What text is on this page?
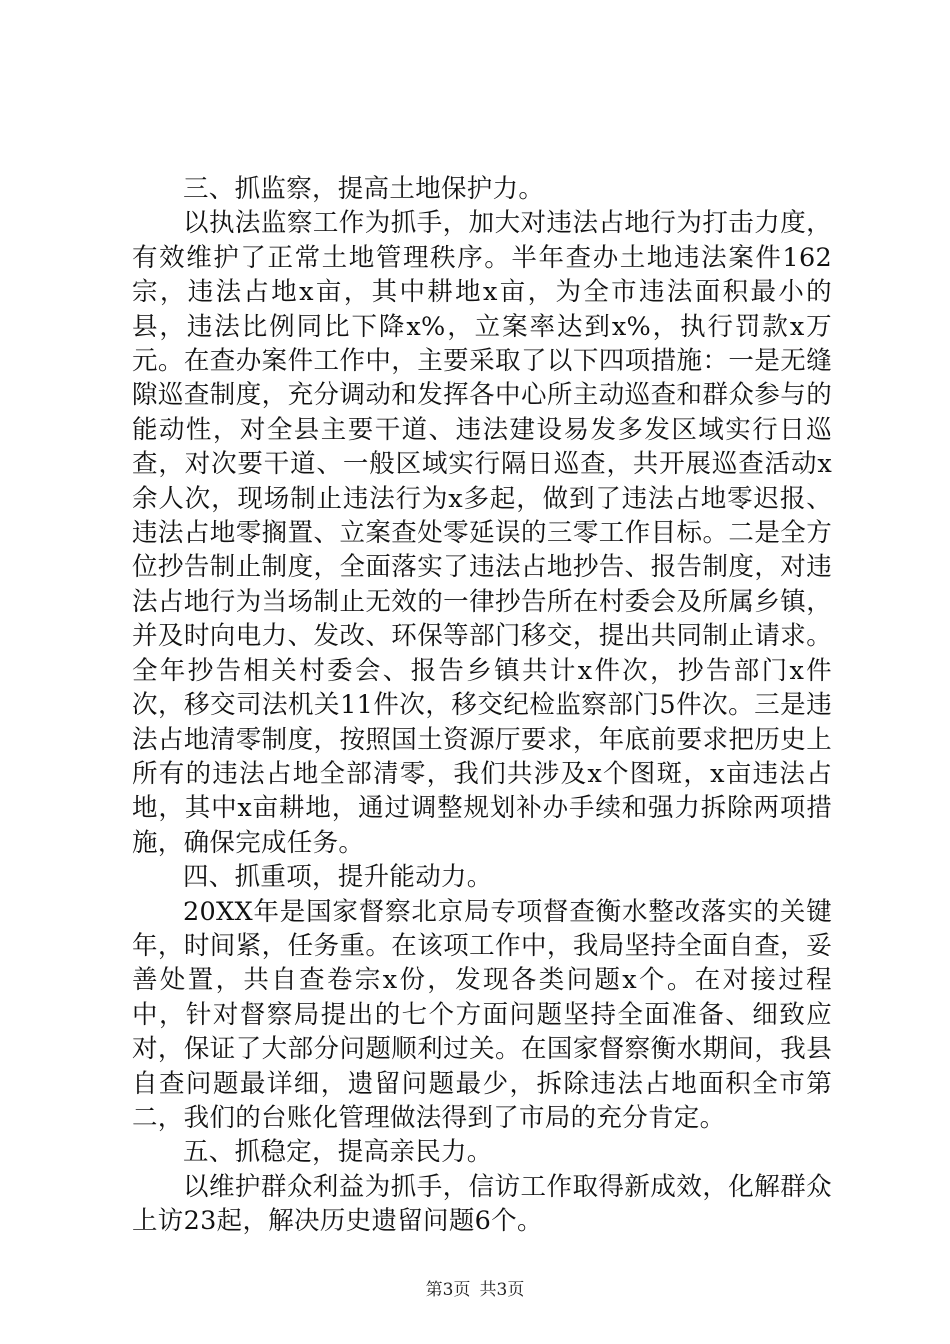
三、抓监察，提高土地保护力。

以执法监察工作为抓手，加大对违法占地行为打击力度，有效维护了正常土地管理秩序。半年查办土地违法案件162宗，违法占地x亩，其中耕地x亩，为全市违法面积最小的县，违法比例同比下降x%，立案率达到x%，执行罚款x万元。在查办案件工作中，主要采取了以下四项措施：一是无缝隙巡查制度，充分调动和发挥各中心所主动巡查和群众参与的能动性，对全县主要干道、违法建设易发多发区域实行日巡查，对次要干道、一般区域实行隔日巡查，共开展巡查活动x余人次，现场制止违法行为x多起，做到了违法占地零迟报、违法占地零搁置、立案查处零延误的三零工作目标。二是全方位抄告制止制度，全面落实了违法占地抄告、报告制度，对违法占地行为当场制止无效的一律抄告所在村委会及所属乡镇，并及时向电力、发改、环保等部门移交，提出共同制止请求。全年抄告相关村委会、报告乡镇共计x件次，抄告部门x件次，移交司法机关11件次，移交纪检监察部门5件次。三是违法占地清零制度，按照国土资源厅要求，年底前要求把历史上所有的违法占地全部清零，我们共涉及x个图斑，x亩违法占地，其中x亩耕地，通过调整规划补办手续和强力拆除两项措施，确保完成任务。

四、抓重项，提升能动力。

20XX年是国家督察北京局专项督查衡水整改落实的关键年，时间紧，任务重。在该项工作中，我局坚持全面自查，妥善处置，共自查卷宗x份，发现各类问题x个。在对接过程中，针对督察局提出的七个方面问题坚持全面准备、细致应对，保证了大部分问题顺利过关。在国家督察衡水期间，我县自查问题最详细，遗留问题最少，拆除违法占地面积全市第二，我们的台账化管理做法得到了市局的充分肯定。

五、抓稳定，提高亲民力。

以维护群众利益为抓手，信访工作取得新成效，化解群众上访23起，解决历史遗留问题6个。

第3页 共3页
